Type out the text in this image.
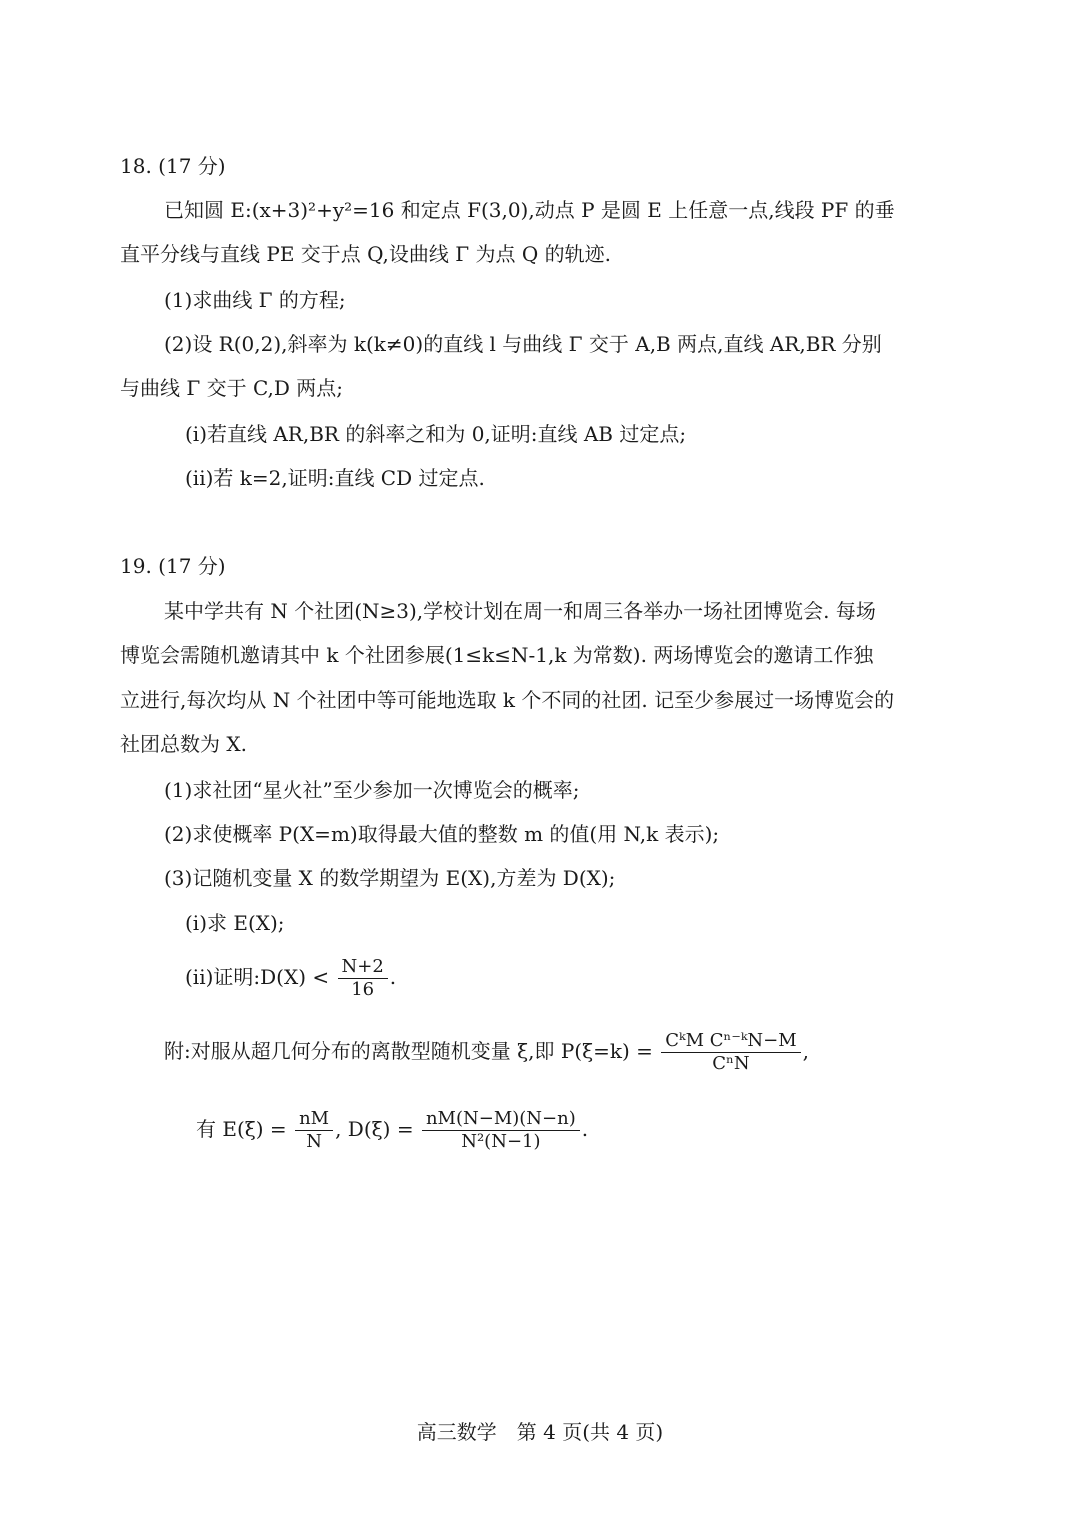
18. (17 分)
已知圆 E:(x+3)²+y²=16 和定点 F(3,0),动点 P 是圆 E 上任意一点,线段 PF 的垂
直平分线与直线 PE 交于点 Q,设曲线 Γ 为点 Q 的轨迹.
(1)求曲线 Γ 的方程;
(2)设 R(0,2),斜率为 k(k≠0)的直线 l 与曲线 Γ 交于 A,B 两点,直线 AR,BR 分别
与曲线 Γ 交于 C,D 两点;
(i)若直线 AR,BR 的斜率之和为 0,证明:直线 AB 过定点;
(ii)若 k=2,证明:直线 CD 过定点.
19. (17 分)
某中学共有 N 个社团(N≥3),学校计划在周一和周三各举办一场社团博览会. 每场
博览会需随机邀请其中 k 个社团参展(1≤k≤N-1,k 为常数). 两场博览会的邀请工作独
立进行,每次均从 N 个社团中等可能地选取 k 个不同的社团. 记至少参展过一场博览会的
社团总数为 X.
(1)求社团“星火社”至少参加一次博览会的概率;
(2)求使概率 P(X=m)取得最大值的整数 m 的值(用 N,k 表示);
(3)记随机变量 X 的数学期望为 E(X),方差为 D(X);
(i)求 E(X);
(ii)证明:D(X) < $\frac{N+2}{16}$ .
附:对服从超几何分布的离散型随机变量 ξ,即 $P(\xi=k) = \frac{\text{CᵏM Cⁿ⁻ᵏN−M}}{\text{CⁿN}}$ ,
有 $E(\xi) = \frac{nM}{N}$ , $D(\xi) = \frac{nM(N-M)(N-n)}{\text{N²(N−1)}}$ .
高三数学　第 4 页(共 4 页)
